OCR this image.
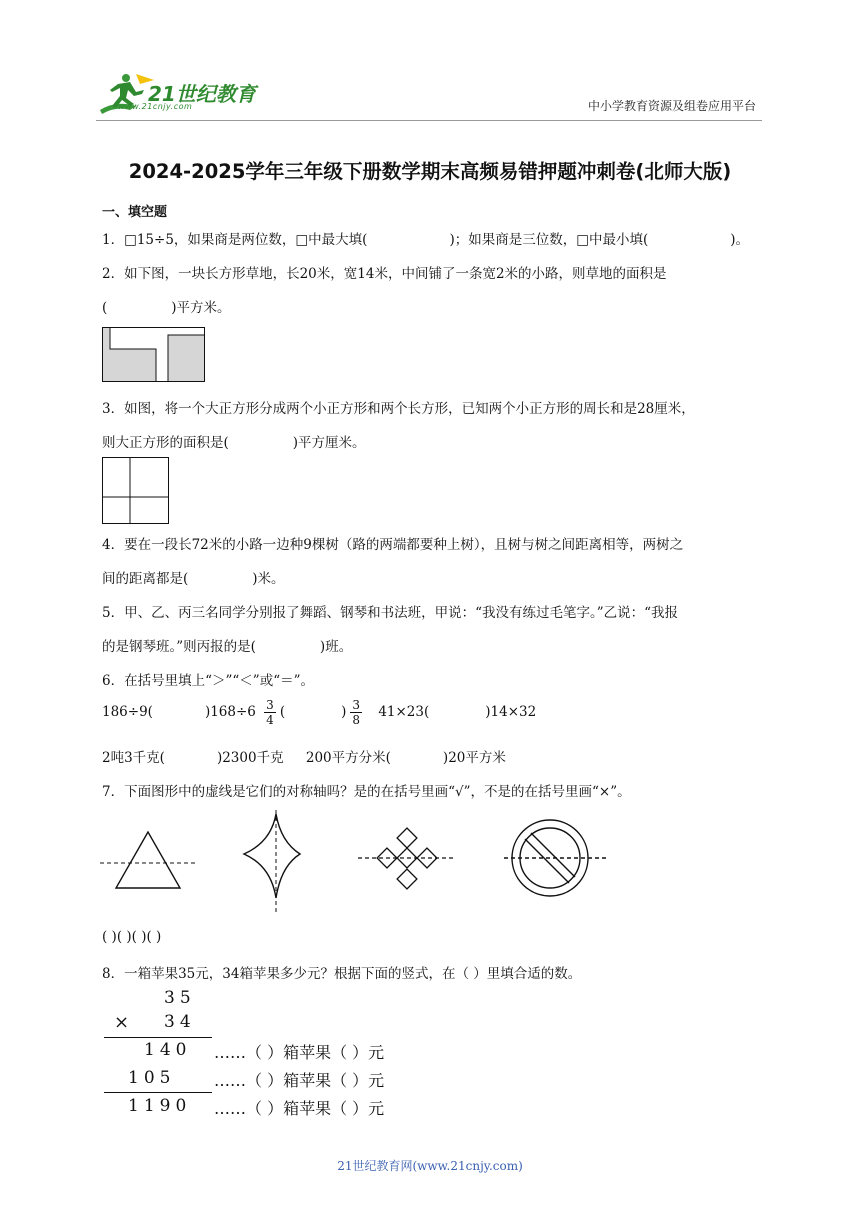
21世纪教育
www.21cnjy.com	中小学教育资源及组卷应用平台
2024-2025学年三年级下册数学期末高频易错押题冲刺卷(北师大版)
一、填空题
1．□15÷5，如果商是两位数，□中最大填(	)；如果商是三位数，□中最小填(	)。
2．如下图，一块长方形草地，长20米，宽14米，中间铺了一条宽2米的小路，则草地的面积是
(	)平方米。
3．如图，将一个大正方形分成两个小正方形和两个长方形，已知两个小正方形的周长和是28厘米，
则大正方形的面积是(	)平方厘米。
4．要在一段长72米的小路一边种9棵树（路的两端都要种上树），且树与树之间距离相等，两树之
间的距离都是(	)米。
5．甲、乙、丙三名同学分别报了舞蹈、钢琴和书法班，甲说：“我没有练过毛笔字。”乙说：“我报
的是钢琴班。”则丙报的是(	)班。
6．在括号里填上“＞”“＜”或“＝”。
186÷9(	)$168\div 6 \frac{3}{4}$ (	) $\frac{3}{8} 41\times 23$(	)14×32
2吨3千克(	)2300千克 200平方分米(	)20平方米
7．下面图形中的虚线是它们的对称轴吗？是的在括号里画“√”，不是的在括号里画“×”。
( )( )( )( )
8．一箱苹果35元，34箱苹果多少元？根据下面的竖式，在（ ）里填合适的数。
35
× 34
140 ……（ ）箱苹果（ ）元
105 ……（ ）箱苹果（ ）元
1190 ……（ ）箱苹果（ ）元
21世纪教育网(www.21cnjy.com)
